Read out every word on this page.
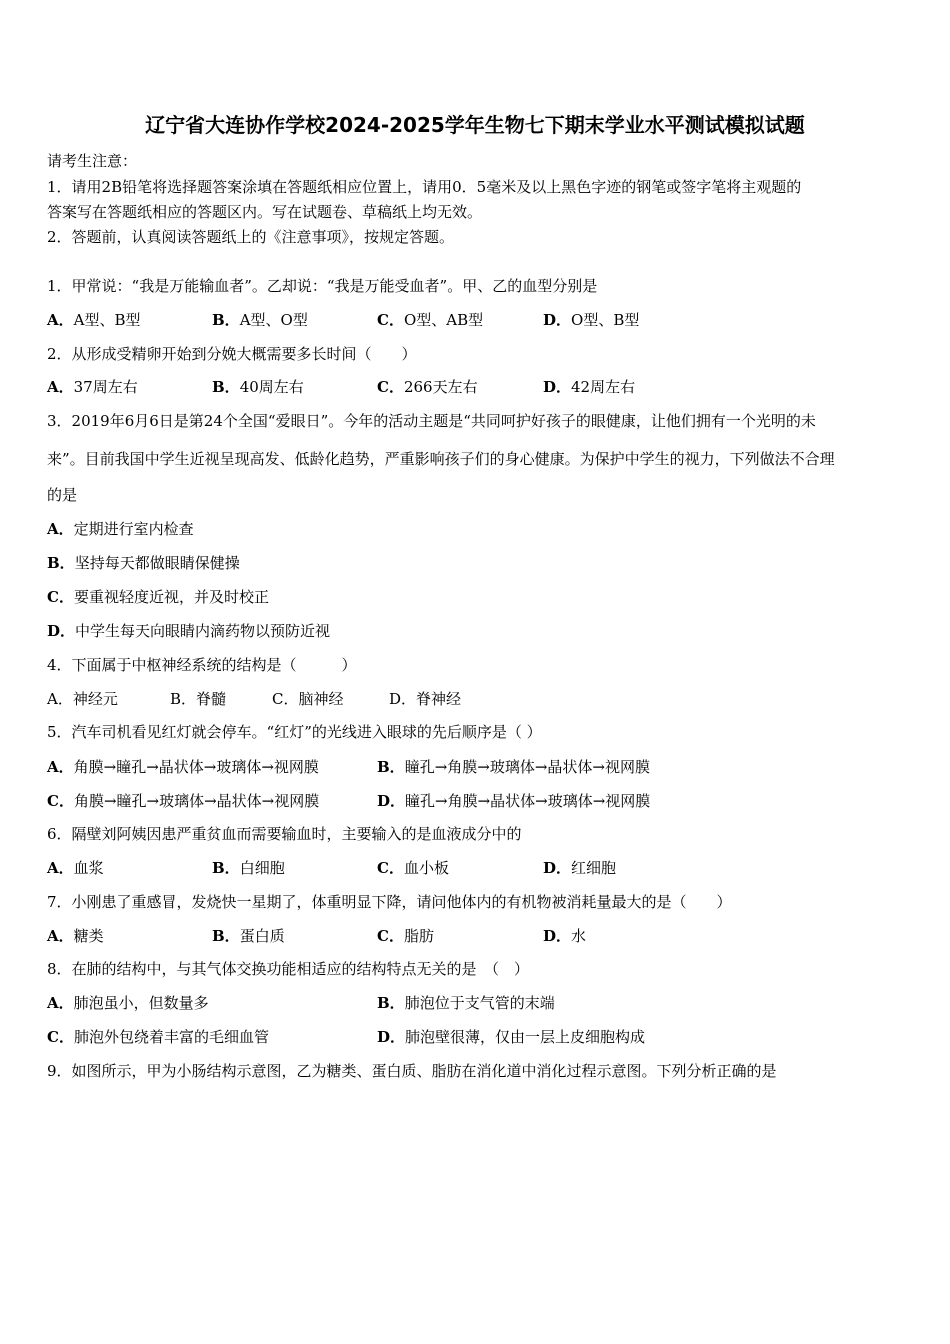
辽宁省大连协作学校2024-2025学年生物七下期末学业水平测试模拟试题
请考生注意：
1．请用2B铅笔将选择题答案涂填在答题纸相应位置上，请用0．5毫米及以上黑色字迹的钢笔或签字笔将主观题的
答案写在答题纸相应的答题区内。写在试题卷、草稿纸上均无效。
2．答题前，认真阅读答题纸上的《注意事项》，按规定答题。
1．甲常说：“我是万能输血者”。乙却说：“我是万能受血者”。甲、乙的血型分别是
A．A型、B型	B．A型、O型	C．O型、AB型	D．O型、B型
2．从形成受精卵开始到分娩大概需要多长时间（　　）
A．37周左右	B．40周左右	C．266天左右	D．42周左右
3．2019年6月6日是第24个全国“爱眼日”。今年的活动主题是“共同呵护好孩子的眼健康，让他们拥有一个光明的未
来”。目前我国中学生近视呈现高发、低龄化趋势，严重影响孩子们的身心健康。为保护中学生的视力，下列做法不合理
的是
A．定期进行室内检查
B．坚持每天都做眼睛保健操
C．要重视轻度近视，并及时校正
D．中学生每天向眼睛内滴药物以预防近视
4．下面属于中枢神经系统的结构是（　　　）
A．神经元	B．脊髓	C．脑神经	D．脊神经
5．汽车司机看见红灯就会停车。“红灯”的光线进入眼球的先后顺序是（ ）
A．角膜→瞳孔→晶状体→玻璃体→视网膜	B．瞳孔→角膜→玻璃体→晶状体→视网膜
C．角膜→瞳孔→玻璃体→晶状体→视网膜	D．瞳孔→角膜→晶状体→玻璃体→视网膜
6．隔壁刘阿姨因患严重贫血而需要输血时，主要输入的是血液成分中的
A．血浆	B．白细胞	C．血小板	D．红细胞
7．小刚患了重感冒，发烧快一星期了，体重明显下降，请问他体内的有机物被消耗量最大的是（　　）
A．糖类	B．蛋白质	C．脂肪	D．水
8．在肺的结构中，与其气体交换功能相适应的结构特点无关的是　（　）
A．肺泡虽小，但数量多	B．肺泡位于支气管的末端
C．肺泡外包绕着丰富的毛细血管	D．肺泡壁很薄，仅由一层上皮细胞构成
9．如图所示，甲为小肠结构示意图，乙为糖类、蛋白质、脂肪在消化道中消化过程示意图。下列分析正确的是
